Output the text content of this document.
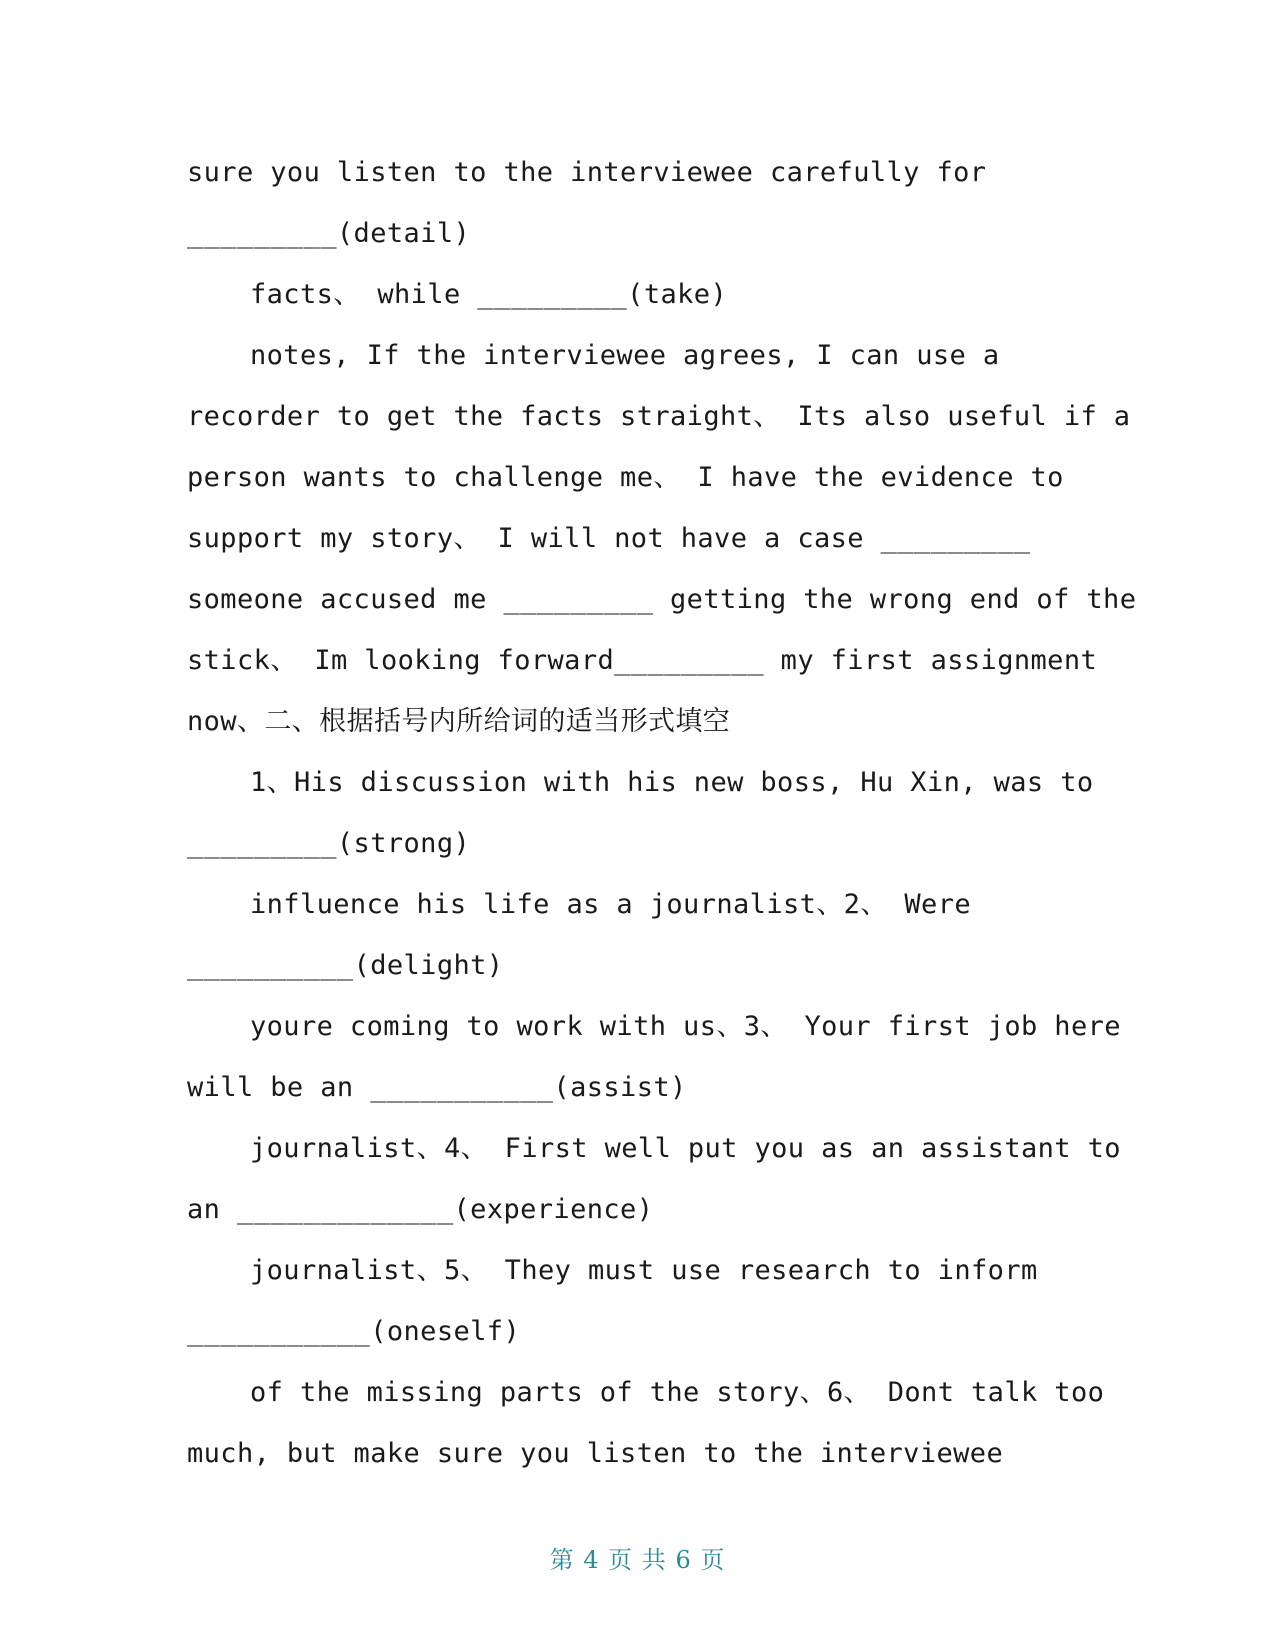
sure you listen to the interviewee carefully for
_________(detail)
facts、 while _________(take)
notes, If the interviewee agrees, I can use a
recorder to get the facts straight、 Its also useful if a
person wants to challenge me、 I have the evidence to
support my story、 I will not have a case _________
someone accused me _________ getting the wrong end of the
stick、 Im looking forward_________ my first assignment
now、二、根据括号内所给词的适当形式填空
1、His discussion with his new boss, Hu Xin, was to
_________(strong)
influence his life as a journalist、2、 Were
__________(delight)
youre coming to work with us、3、 Your first job here
will be an ___________(assist)
journalist、4、 First well put you as an assistant to
an _____________(experience)
journalist、5、 They must use research to inform
___________(oneself)
of the missing parts of the story、6、 Dont talk too
much, but make sure you listen to the interviewee
第 4 页 共 6 页
